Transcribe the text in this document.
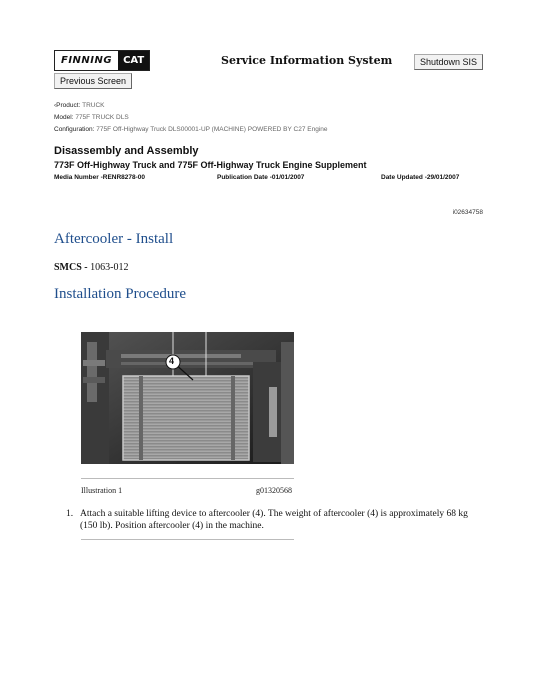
FINNING	CAT	Service Information System	Shutdown SIS
Previous Screen
‹Product: TRUCK
Model: 775F TRUCK DLS
Configuration: 775F Off-Highway Truck DLS00001-UP (MACHINE) POWERED BY C27 Engine
Disassembly and Assembly
773F Off-Highway Truck and 775F Off-Highway Truck Engine Supplement
Media Number -RENR8278-00	Publication Date -01/01/2007	Date Updated -29/01/2007
i02634758
Aftercooler - Install
SMCS - 1063-012
Installation Procedure
4
Illustration 1	g01320568
1. Attach a suitable lifting device to aftercooler (4). The weight of aftercooler (4) is approximately 68 kg (150 lb). Position aftercooler (4) in the machine.
